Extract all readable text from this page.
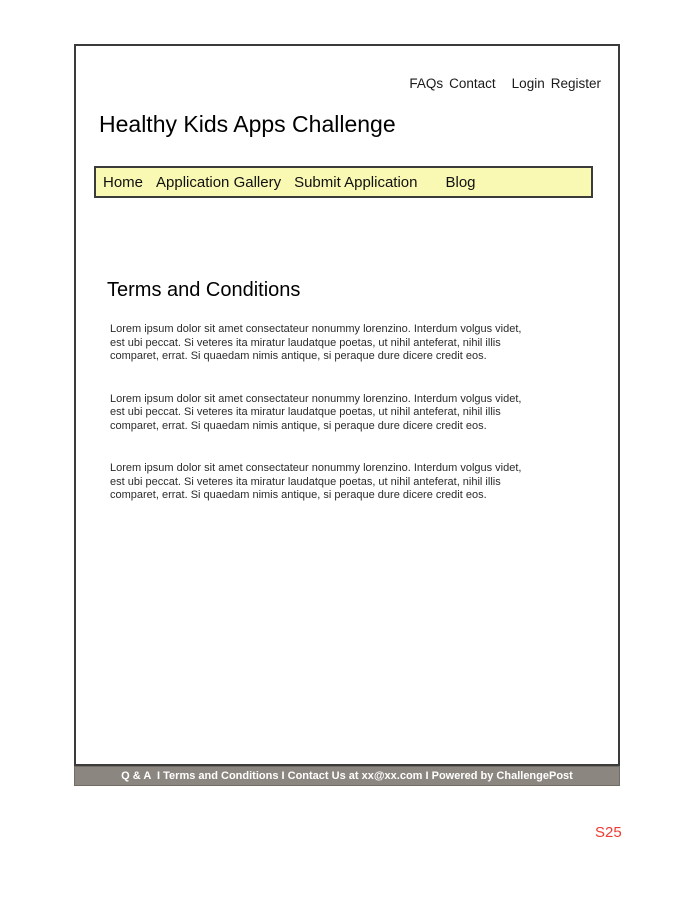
FAQs Contact Login Register
Healthy Kids Apps Challenge
Home Application Gallery Submit Application Blog
Terms and Conditions

Lorem ipsum dolor sit amet consectateur nonummy lorenzino. Interdum volgus videt, est ubi peccat. Si veteres ita miratur laudatque poetas, ut nihil anteferat, nihil illis comparet, errat. Si quaedam nimis antique, si peraque dure dicere credit eos.

Lorem ipsum dolor sit amet consectateur nonummy lorenzino. Interdum volgus videt, est ubi peccat. Si veteres ita miratur laudatque poetas, ut nihil anteferat, nihil illis comparet, errat. Si quaedam nimis antique, si peraque dure dicere credit eos.

Lorem ipsum dolor sit amet consectateur nonummy lorenzino. Interdum volgus videt, est ubi peccat. Si veteres ita miratur laudatque poetas, ut nihil anteferat, nihil illis comparet, errat. Si quaedam nimis antique, si peraque dure dicere credit eos.

Q & A I Terms and Conditions I Contact Us at xx@xx.com I Powered by ChallengePost
S25
